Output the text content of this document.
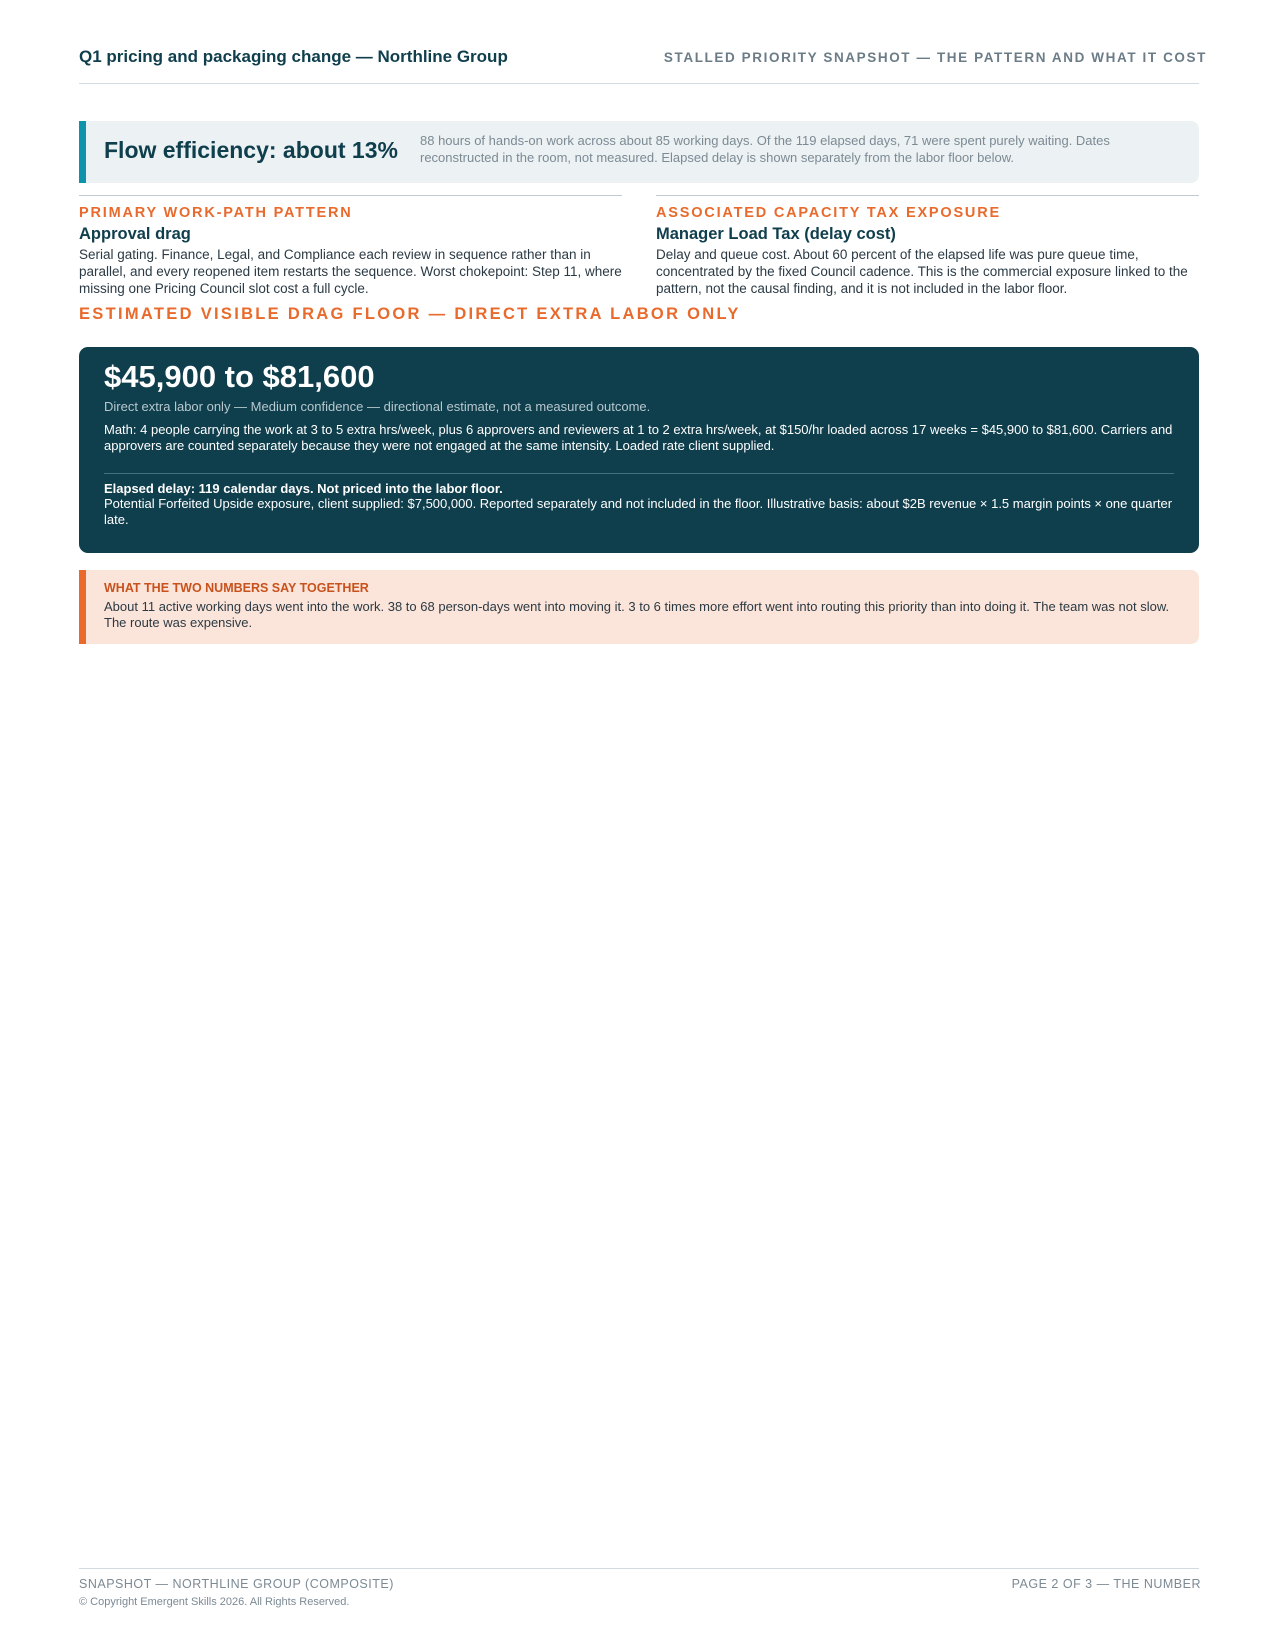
Q1 pricing and packaging change — Northline Group	STALLED PRIORITY SNAPSHOT — THE PATTERN AND WHAT IT COST
Flow efficiency: about 13% 88 hours of hands-on work across about 85 working days. Of the 119 elapsed days, 71 were spent purely waiting. Dates reconstructed in the room, not measured. Elapsed delay is shown separately from the labor floor below.
PRIMARY WORK-PATH PATTERN
Approval drag
Serial gating. Finance, Legal, and Compliance each review in sequence rather than in parallel, and every reopened item restarts the sequence. Worst chokepoint: Step 11, where missing one Pricing Council slot cost a full cycle.
ASSOCIATED CAPACITY TAX EXPOSURE
Manager Load Tax (delay cost)
Delay and queue cost. About 60 percent of the elapsed life was pure queue time, concentrated by the fixed Council cadence. This is the commercial exposure linked to the pattern, not the causal finding, and it is not included in the labor floor.
ESTIMATED VISIBLE DRAG FLOOR — DIRECT EXTRA LABOR ONLY
$45,900 to $81,600
Direct extra labor only — Medium confidence — directional estimate, not a measured outcome.
Math: 4 people carrying the work at 3 to 5 extra hrs/week, plus 6 approvers and reviewers at 1 to 2 extra hrs/week, at $150/hr loaded across 17 weeks = $45,900 to $81,600. Carriers and approvers are counted separately because they were not engaged at the same intensity. Loaded rate client supplied.
Elapsed delay: 119 calendar days. Not priced into the labor floor.
Potential Forfeited Upside exposure, client supplied: $7,500,000. Reported separately and not included in the floor. Illustrative basis: about $2B revenue × 1.5 margin points × one quarter late.
WHAT THE TWO NUMBERS SAY TOGETHER
About 11 active working days went into the work. 38 to 68 person-days went into moving it. 3 to 6 times more effort went into routing this priority than into doing it. The team was not slow. The route was expensive.
SNAPSHOT — NORTHLINE GROUP (COMPOSITE)	PAGE 2 OF 3 — THE NUMBER
© Copyright Emergent Skills 2026. All Rights Reserved.
